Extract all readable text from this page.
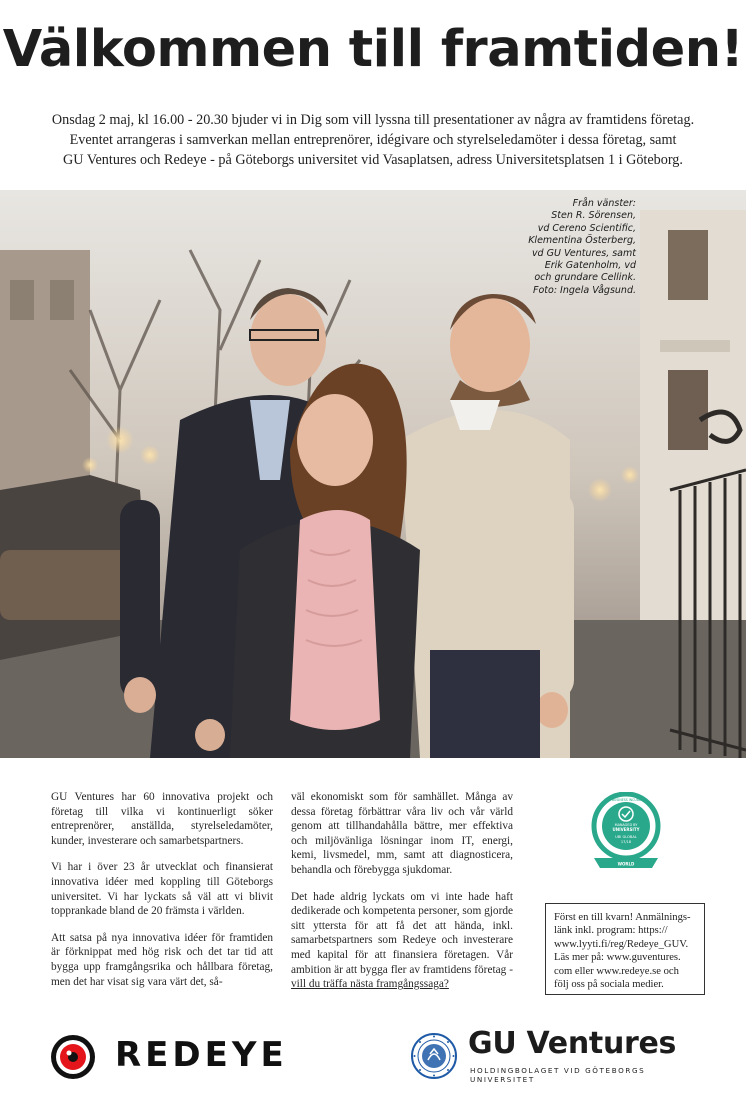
Välkommen till framtiden!
Onsdag 2 maj, kl 16.00 - 20.30 bjuder vi in Dig som vill lyssna till presentationer av några av framtidens företag.
Eventet arrangeras i samverkan mellan entreprenörer, idégivare och styrelseledamöter i dessa företag, samt
GU Ventures och Redeye - på Göteborgs universitet vid Vasaplatsen, adress Universitetsplatsen 1 i Göteborg.
Från vänster:
Sten R. Sörensen,
vd Cereno Scientific,
Klementina Österberg,
vd GU Ventures, samt
Erik Gatenholm, vd
och grundare Cellink.
Foto: Ingela Vågsund.

GU Ventures har 60 innovativa projekt och företag till vilka vi kontinuerligt söker entreprenörer, anställda, styrelseledamöter, kunder, investerare och samarbetspartners.

Vi har i över 23 år utvecklat och finansierat innovativa idéer med koppling till Göteborgs universitet. Vi har lyckats så väl att vi blivit topprankade bland de 20 främsta i världen.

Att satsa på nya innovativa idéer för framtiden är förknippat med hög risk och det tar tid att bygga upp framgångsrika och hållbara företag, men det har visat sig vara värt det, så-

väl ekonomiskt som för samhället. Många av dessa företag förbättrar våra liv och vår värld genom att tillhandahålla bättre, mer effektiva och miljövänliga lösningar inom IT, energi, kemi, livsmedel, mm, samt att diagnosticera, behandla och förebygga sjukdomar.

Det hade aldrig lyckats om vi inte hade haft dedikerade och kompetenta personer, som gjorde sitt yttersta för att få det att hända, inkl. samarbetspartners som Redeye och investerare med kapital för att finansiera företagen. Vår ambition är att bygga fler av framtidens företag - vill du träffa nästa framgångssaga?

TOP BUSINESS INCUBATOR
MANAGED BY
UNIVERSITY
UBI GLOBAL
17/18
WORLD
Först en till kvarn! Anmälnings-
länk inkl. program: https://
www.lyyti.fi/reg/Redeye_GUV.
Läs mer på: www.guventures.
com eller www.redeye.se och
följ oss på sociala medier.
REDEYE	GU Ventures
HOLDINGBOLAGET VID GÖTEBORGS UNIVERSITET
